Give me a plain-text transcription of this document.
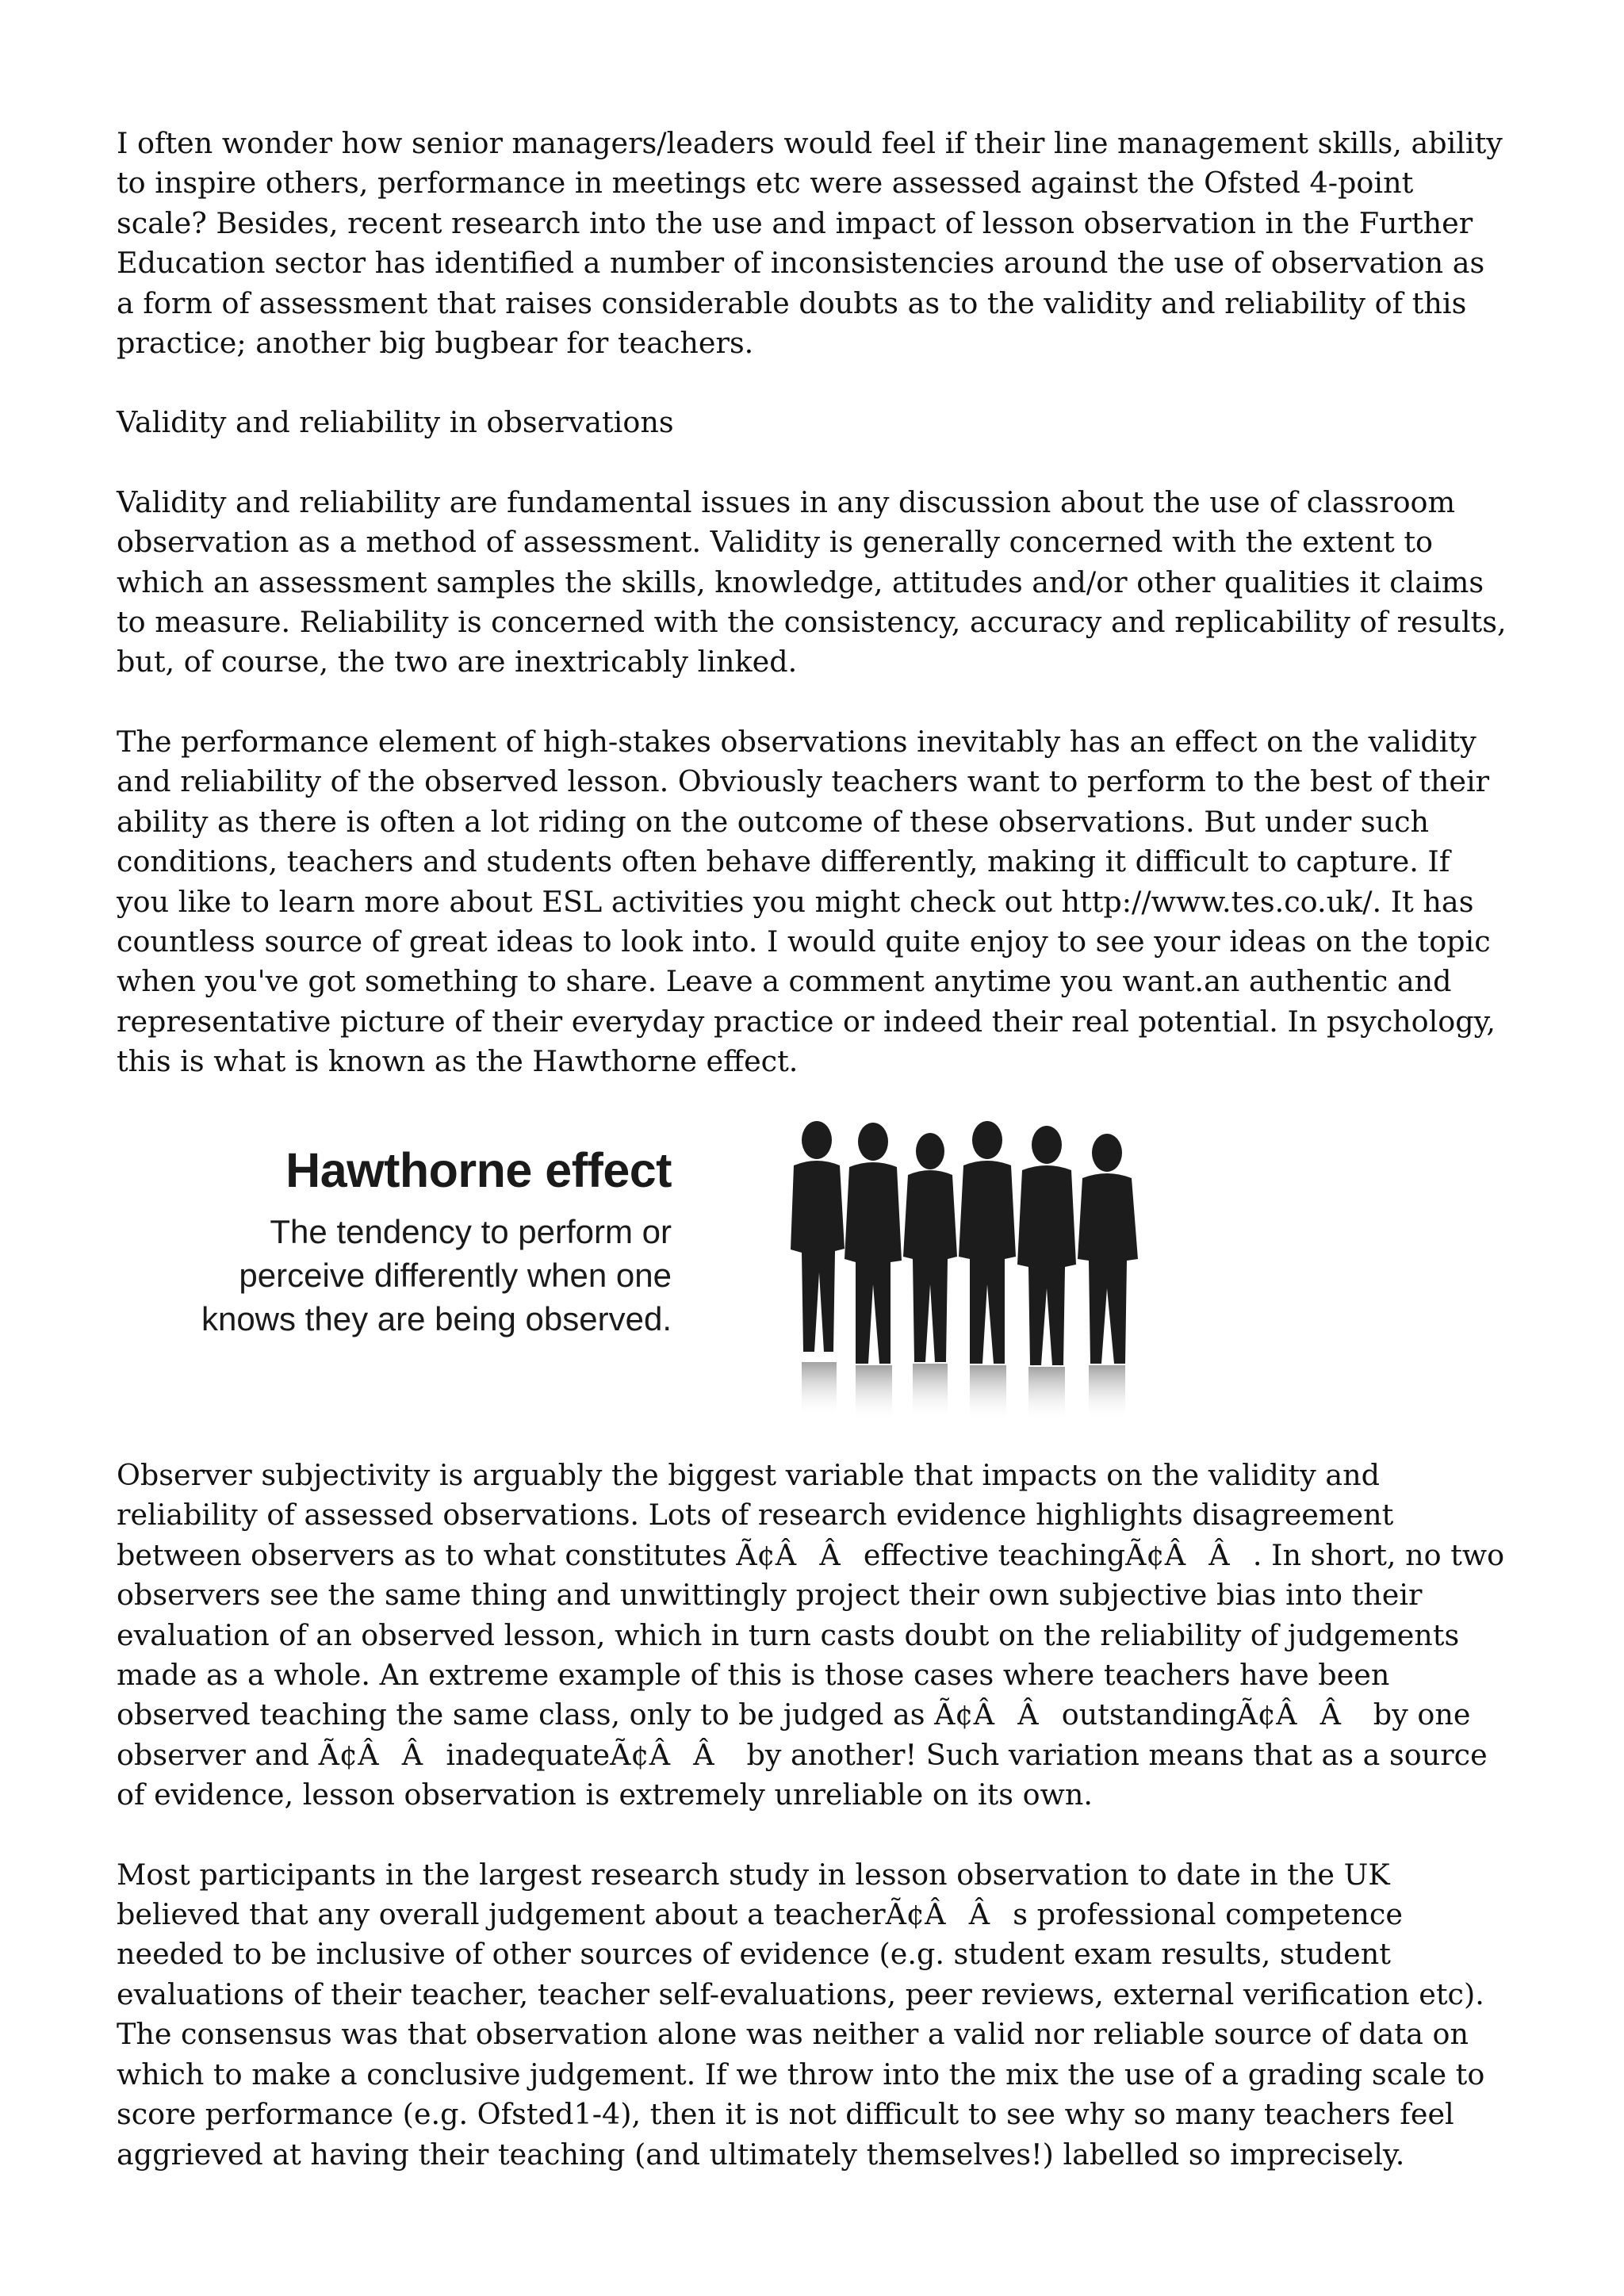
I often wonder how senior managers/leaders would feel if their line management skills, ability to inspire others, performance in meetings etc were assessed against the Ofsted 4-point scale? Besides, recent research into the use and impact of lesson observation in the Further Education sector has identified a number of inconsistencies around the use of observation as a form of assessment that raises considerable doubts as to the validity and reliability of this practice; another big bugbear for teachers.

Validity and reliability in observations

Validity and reliability are fundamental issues in any discussion about the use of classroom observation as a method of assessment. Validity is generally concerned with the extent to which an assessment samples the skills, knowledge, attitudes and/or other qualities it claims to measure. Reliability is concerned with the consistency, accuracy and replicability of results, but, of course, the two are inextricably linked.

The performance element of high-stakes observations inevitably has an effect on the validity and reliability of the observed lesson. Obviously teachers want to perform to the best of their ability as there is often a lot riding on the outcome of these observations. But under such conditions, teachers and students often behave differently, making it difficult to capture. If you like to learn more about ESL activities you might check out http://www.tes.co.uk/. It has countless source of great ideas to look into. I would quite enjoy to see your ideas on the topic when you've got something to share. Leave a comment anytime you want.an authentic and representative picture of their everyday practice or indeed their real potential. In psychology, this is what is known as the Hawthorne effect.

Hawthorne effect
The tendency to perform or
perceive differently when one
knows they are being observed.

Observer subjectivity is arguably the biggest variable that impacts on the validity and reliability of assessed observations. Lots of research evidence highlights disagreement between observers as to what constitutes Ã¢ÂÂeffective teachingÃ¢ÂÂ. In short, no two observers see the same thing and unwittingly project their own subjective bias into their evaluation of an observed lesson, which in turn casts doubt on the reliability of judgements made as a whole. An extreme example of this is those cases where teachers have been observed teaching the same class, only to be judged as Ã¢ÂÂoutstandingÃ¢ÂÂ by one observer and Ã¢ÂÂinadequateÃ¢ÂÂ by another! Such variation means that as a source of evidence, lesson observation is extremely unreliable on its own.

Most participants in the largest research study in lesson observation to date in the UK believed that any overall judgement about a teacherÃ¢ÂÂs professional competence needed to be inclusive of other sources of evidence (e.g. student exam results, student evaluations of their teacher, teacher self-evaluations, peer reviews, external verification etc). The consensus was that observation alone was neither a valid nor reliable source of data on which to make a conclusive judgement. If we throw into the mix the use of a grading scale to score performance (e.g. Ofsted1-4), then it is not difficult to see why so many teachers feel aggrieved at having their teaching (and ultimately themselves!) labelled so imprecisely.
